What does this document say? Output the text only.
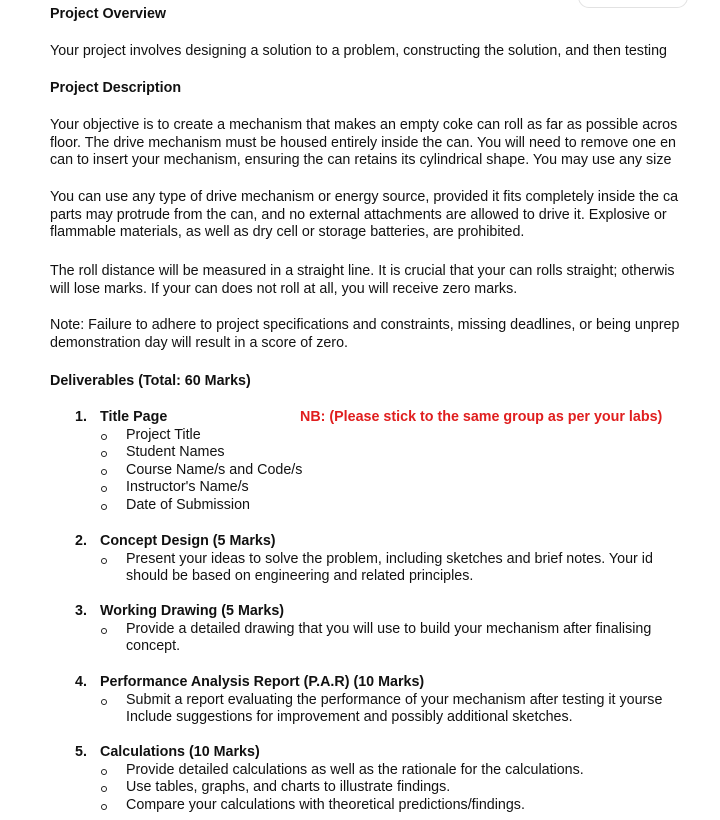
Project Overview
Your project involves designing a solution to a problem, constructing the solution, and then testing
Project Description
Your objective is to create a mechanism that makes an empty coke can roll as far as possible acros
floor. The drive mechanism must be housed entirely inside the can. You will need to remove one en
can to insert your mechanism, ensuring the can retains its cylindrical shape. You may use any size
You can use any type of drive mechanism or energy source, provided it fits completely inside the ca
parts may protrude from the can, and no external attachments are allowed to drive it. Explosive or
flammable materials, as well as dry cell or storage batteries, are prohibited.
The roll distance will be measured in a straight line. It is crucial that your can rolls straight; otherwis
will lose marks. If your can does not roll at all, you will receive zero marks.
Note: Failure to adhere to project specifications and constraints, missing deadlines, or being unprep
demonstration day will result in a score of zero.
Deliverables (Total: 60 Marks)
1. Title Page	NB: (Please stick to the same group as per your labs)
Project Title
Student Names
Course Name/s and Code/s
Instructor's Name/s
Date of Submission
2. Concept Design (5 Marks)
Present your ideas to solve the problem, including sketches and brief notes. Your id
should be based on engineering and related principles.
3. Working Drawing (5 Marks)
Provide a detailed drawing that you will use to build your mechanism after finalising
concept.
4. Performance Analysis Report (P.A.R) (10 Marks)
Submit a report evaluating the performance of your mechanism after testing it yourse
Include suggestions for improvement and possibly additional sketches.
5. Calculations (10 Marks)
Provide detailed calculations as well as the rationale for the calculations.
Use tables, graphs, and charts to illustrate findings.
Compare your calculations with theoretical predictions/findings.
